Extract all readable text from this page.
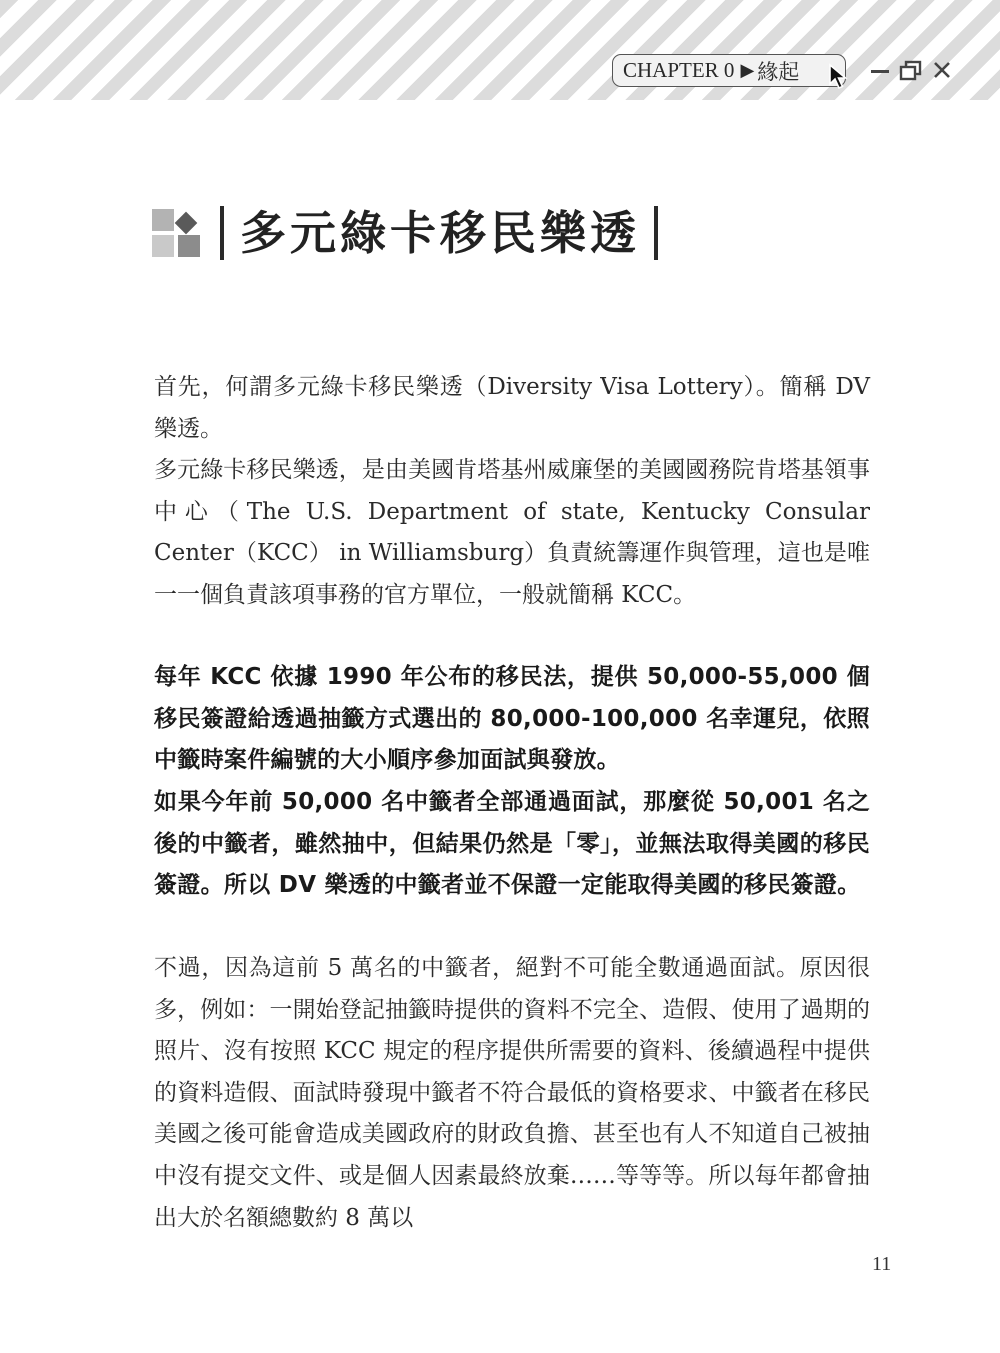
CHAPTER 0 ▶ 緣起
多元綠卡移民樂透

首先，何謂多元綠卡移民樂透（Diversity Visa Lottery）。簡稱 DV 樂透。

多元綠卡移民樂透，是由美國肯塔基州威廉堡的美國國務院肯塔基領事中心（The U.S. Department of state, Kentucky Consular Center（KCC） in Williamsburg）負責統籌運作與管理，這也是唯一一個負責該項事務的官方單位，一般就簡稱 KCC。

每年 KCC 依據 1990 年公布的移民法，提供 50,000-55,000 個移民簽證給透過抽籤方式選出的 80,000-100,000 名幸運兒，依照中籤時案件編號的大小順序參加面試與發放。

如果今年前 50,000 名中籤者全部通過面試，那麼從 50,001 名之後的中籤者，雖然抽中，但結果仍然是「零」，並無法取得美國的移民簽證。所以 DV 樂透的中籤者並不保證一定能取得美國的移民簽證。

不過，因為這前 5 萬名的中籤者，絕對不可能全數通過面試。原因很多，例如：一開始登記抽籤時提供的資料不完全、造假、使用了過期的照片、沒有按照 KCC 規定的程序提供所需要的資料、後續過程中提供的資料造假、面試時發現中籤者不符合最低的資格要求、中籤者在移民美國之後可能會造成美國政府的財政負擔、甚至也有人不知道自己被抽中沒有提交文件、或是個人因素最終放棄……等等等。所以每年都會抽出大於名額總數約 8 萬以

11
